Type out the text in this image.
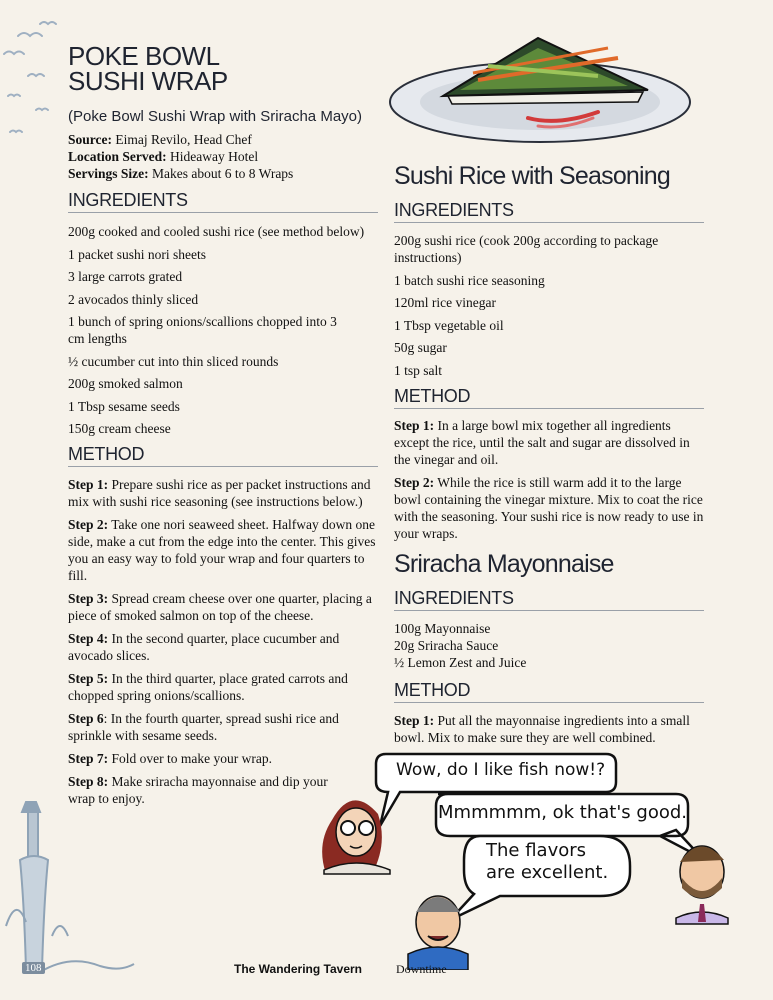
POKE BOWL
SUSHI WRAP
(Poke Bowl Sushi Wrap with Sriracha Mayo)
Source: Eimaj Revilo, Head Chef
Location Served: Hideaway Hotel
Servings Size: Makes about 6 to 8 Wraps
INGREDIENTS
200g cooked and cooled sushi rice (see method below)
1 packet sushi nori sheets
3 large carrots grated
2 avocados thinly sliced
1 bunch of spring onions/scallions chopped into 3 cm lengths
½ cucumber cut into thin sliced rounds
200g smoked salmon
1 Tbsp sesame seeds
150g cream cheese
METHOD
Step 1: Prepare sushi rice as per packet instructions and mix with sushi rice seasoning (see instructions below.)
Step 2: Take one nori seaweed sheet. Halfway down one side, make a cut from the edge into the center. This gives you an easy way to fold your wrap and four quarters to fill.
Step 3: Spread cream cheese over one quarter, placing a piece of smoked salmon on top of the cheese.
Step 4: In the second quarter, place cucumber and avocado slices.
Step 5: In the third quarter, place grated carrots and chopped spring onions/scallions.
Step 6: In the fourth quarter, spread sushi rice and sprinkle with sesame seeds.
Step 7: Fold over to make your wrap.
Step 8: Make sriracha mayonnaise and dip your wrap to enjoy.
Sushi Rice with Seasoning
INGREDIENTS
200g sushi rice (cook 200g according to package instructions)
1 batch sushi rice seasoning
120ml rice vinegar
1 Tbsp vegetable oil
50g sugar
1 tsp salt
METHOD
Step 1: In a large bowl mix together all ingredients except the rice, until the salt and sugar are dissolved in the vinegar and oil.
Step 2: While the rice is still warm add it to the large bowl containing the vinegar mixture. Mix to coat the rice with the seasoning. Your sushi rice is now ready to use in your wraps.
Sriracha Mayonnaise
INGREDIENTS
100g Mayonnaise
20g Sriracha Sauce
½ Lemon Zest and Juice
METHOD
Step 1: Put all the mayonnaise ingredients into a small bowl. Mix to make sure they are well combined.
Wow, do I like fish now!?
Mmmmmm, ok that's good.
The flavors
are excellent.
108	The Wandering Tavern	Downtime
